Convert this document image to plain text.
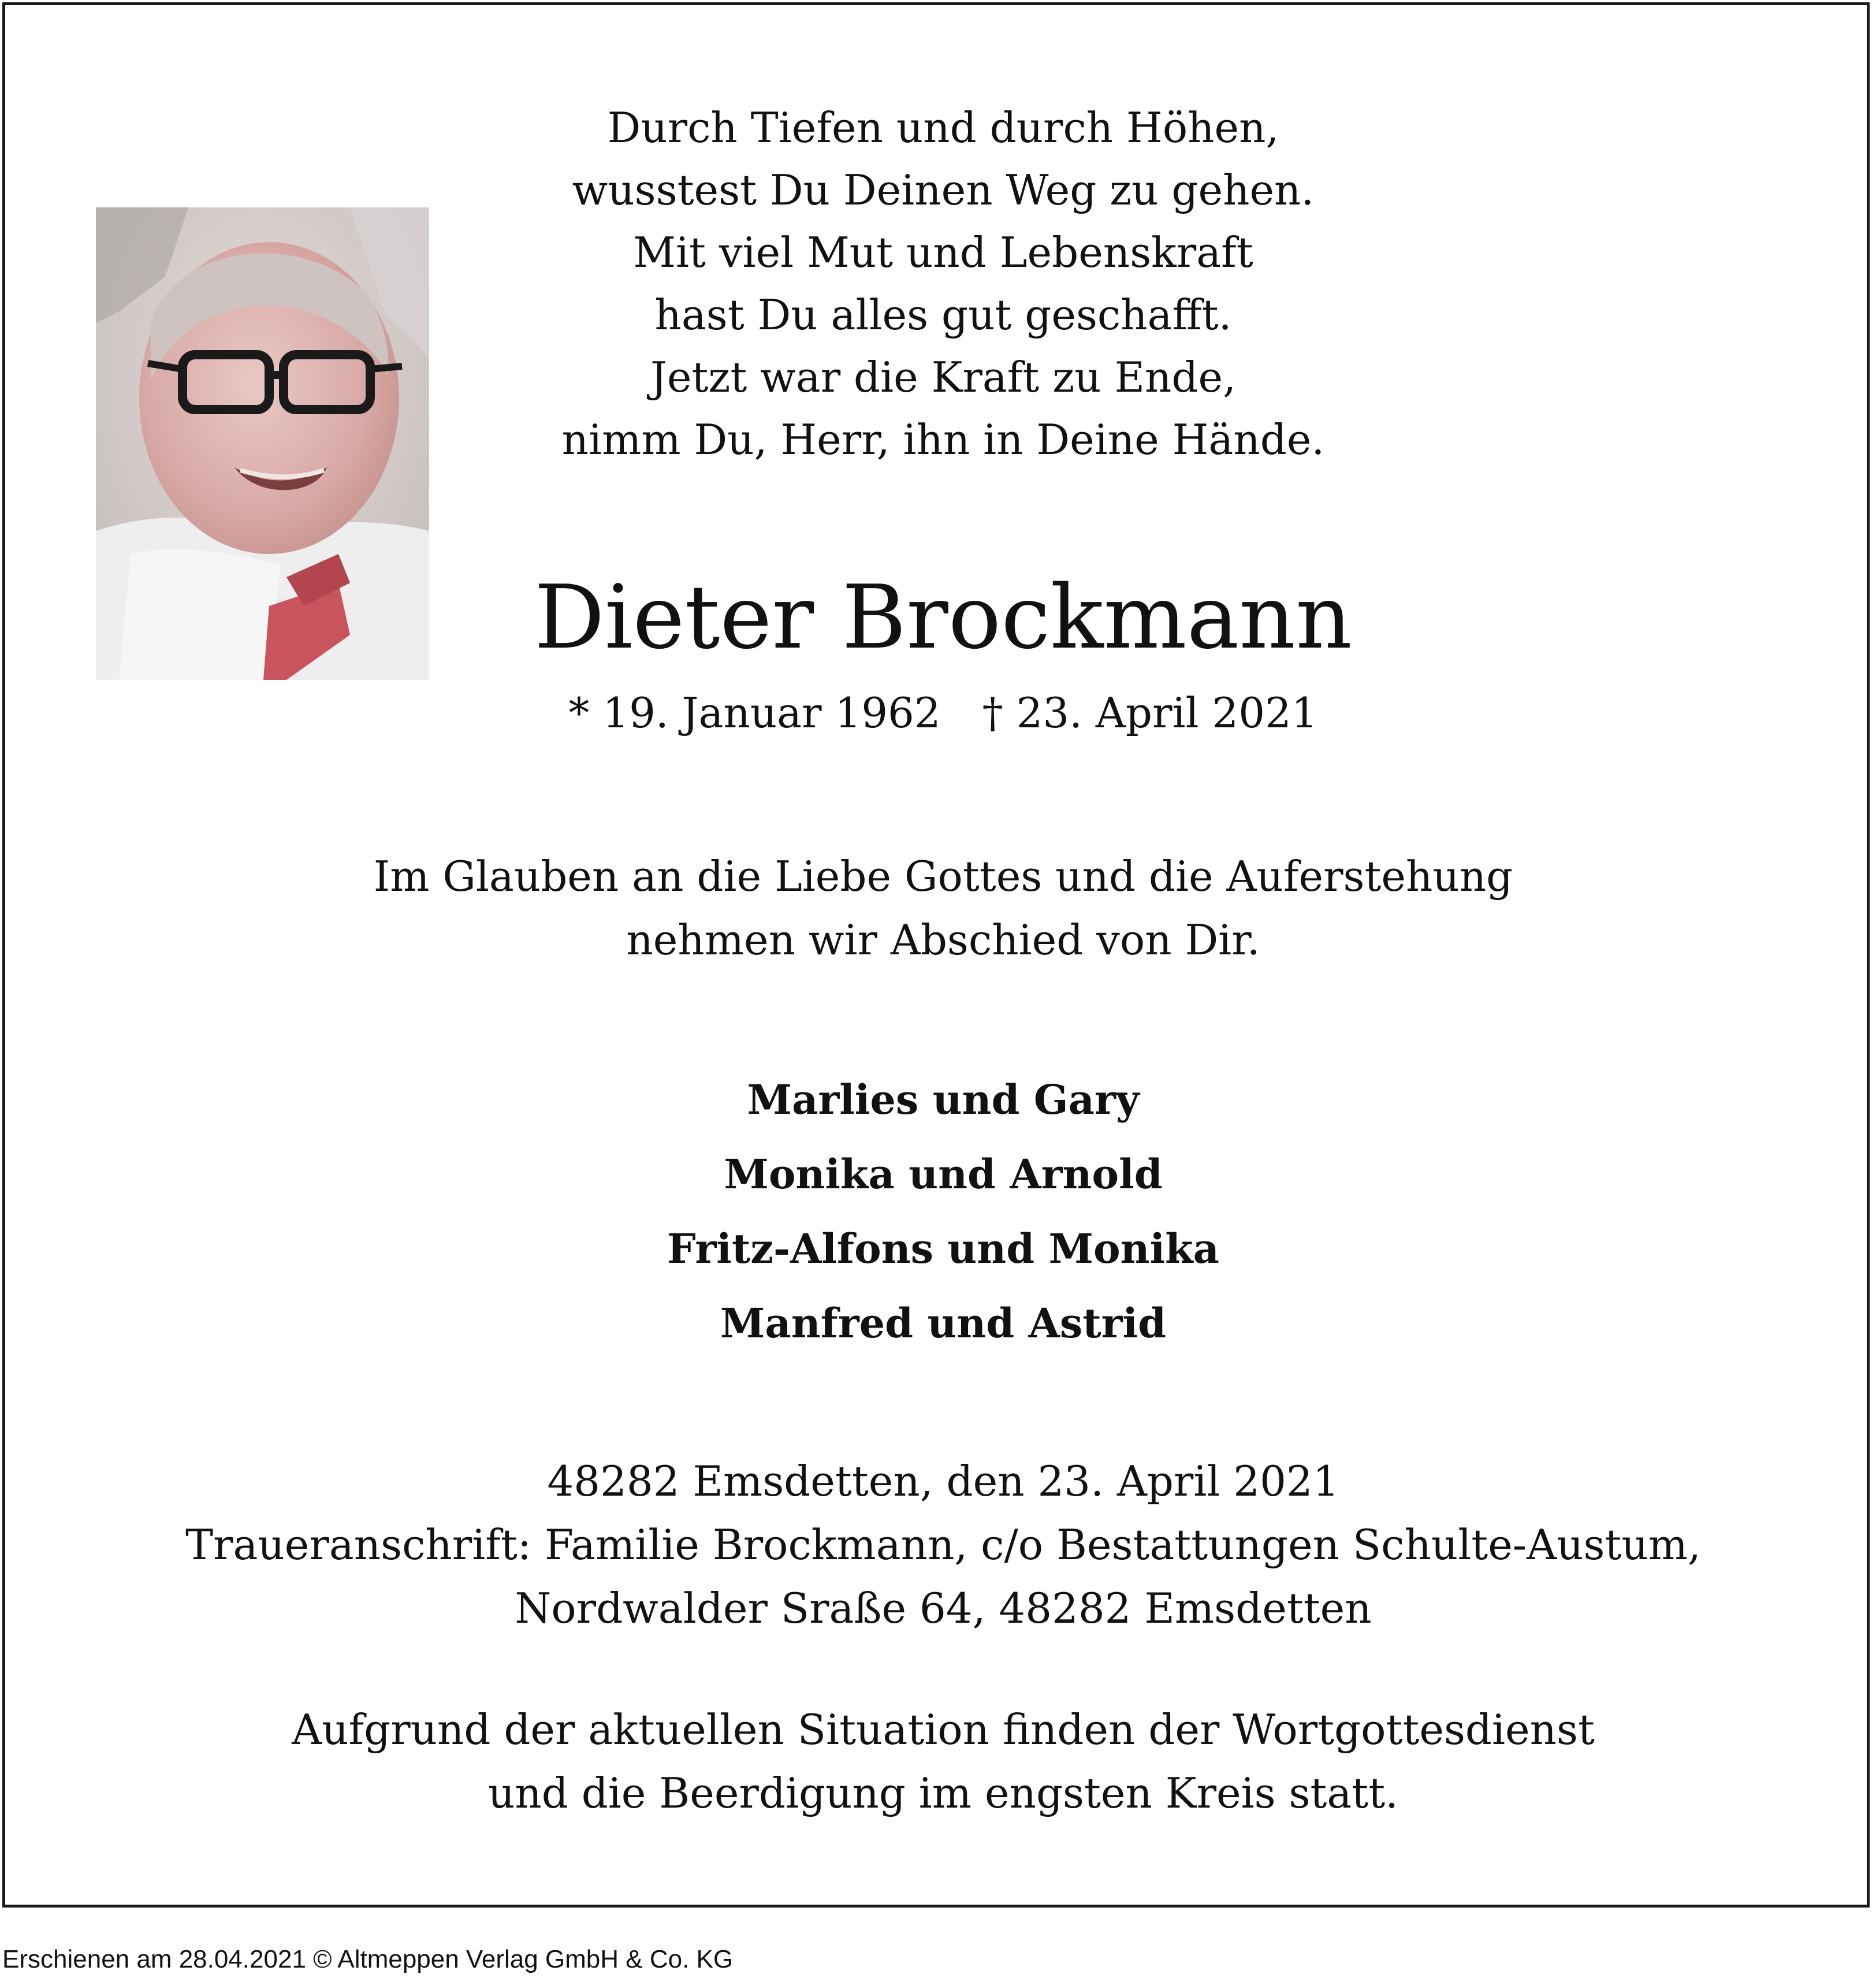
Durch Tiefen und durch Höhen,
wusstest Du Deinen Weg zu gehen.
Mit viel Mut und Lebenskraft
hast Du alles gut geschafft.
Jetzt war die Kraft zu Ende,
nimm Du, Herr, ihn in Deine Hände.
Dieter Brockmann
* 19. Januar 1962 † 23. April 2021
Im Glauben an die Liebe Gottes und die Auferstehung
nehmen wir Abschied von Dir.
Marlies und Gary
Monika und Arnold
Fritz-Alfons und Monika
Manfred und Astrid
48282 Emsdetten, den 23. April 2021
Traueranschrift: Familie Brockmann, c/o Bestattungen Schulte-Austum,
Nordwalder Sraße 64, 48282 Emsdetten
Aufgrund der aktuellen Situation finden der Wortgottesdienst
und die Beerdigung im engsten Kreis statt.
Erschienen am 28.04.2021 © Altmeppen Verlag GmbH & Co. KG
